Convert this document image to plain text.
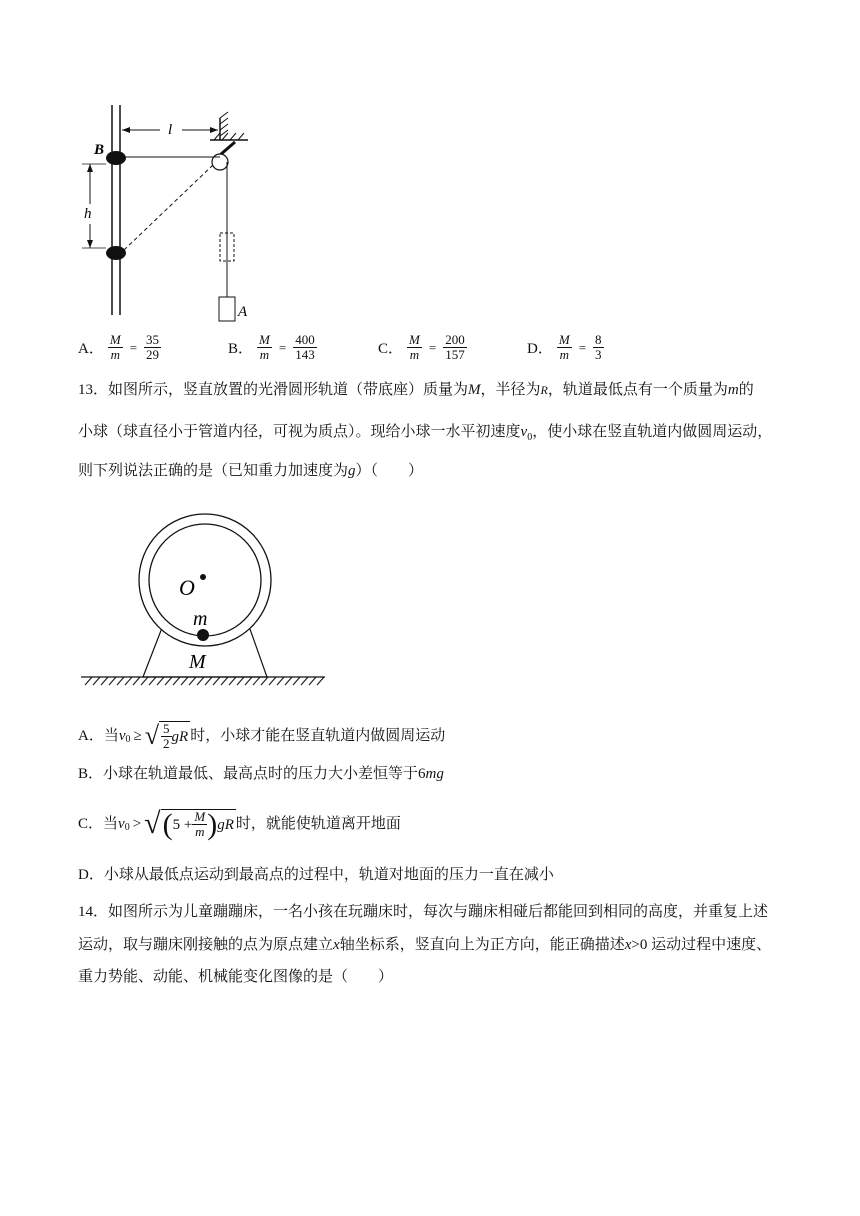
B
l
h
A
A． $\frac{M}{m} = \frac{35}{29}$	B． $\frac{M}{m} = \frac{400}{143}$	C． $\frac{M}{m} = \frac{200}{157}$	D． $\frac{M}{m} = \frac{8}{3}$
13．如图所示，竖直放置的光滑圆形轨道（带底座）质量为M，半径为R，轨道最低点有一个质量为m的
小球（球直径小于管道内径，可视为质点）。现给小球一水平初速度$v_0$，使小球在竖直轨道内做圆周运动，
则下列说法正确的是（已知重力加速度为g）（　　）
O
m
M
A．当 $v_0$ ≥ √ $\frac{5}{2}$ gR 时，小球才能在竖直轨道内做圆周运动
B．小球在轨道最低、最高点时的压力大小差恒等于6mg
C．当 $v_0$ > √ ( $5 + \frac{M}{m}$ ) gR 时，就能使轨道离开地面
D．小球从最低点运动到最高点的过程中，轨道对地面的压力一直在减小
14．如图所示为儿童蹦蹦床，一名小孩在玩蹦床时，每次与蹦床相碰后都能回到相同的高度，并重复上述
运动，取与蹦床刚接触的点为原点建立x轴坐标系，竖直向上为正方向，能正确描述x>0 运动过程中速度、
重力势能、动能、机械能变化图像的是（　　）
